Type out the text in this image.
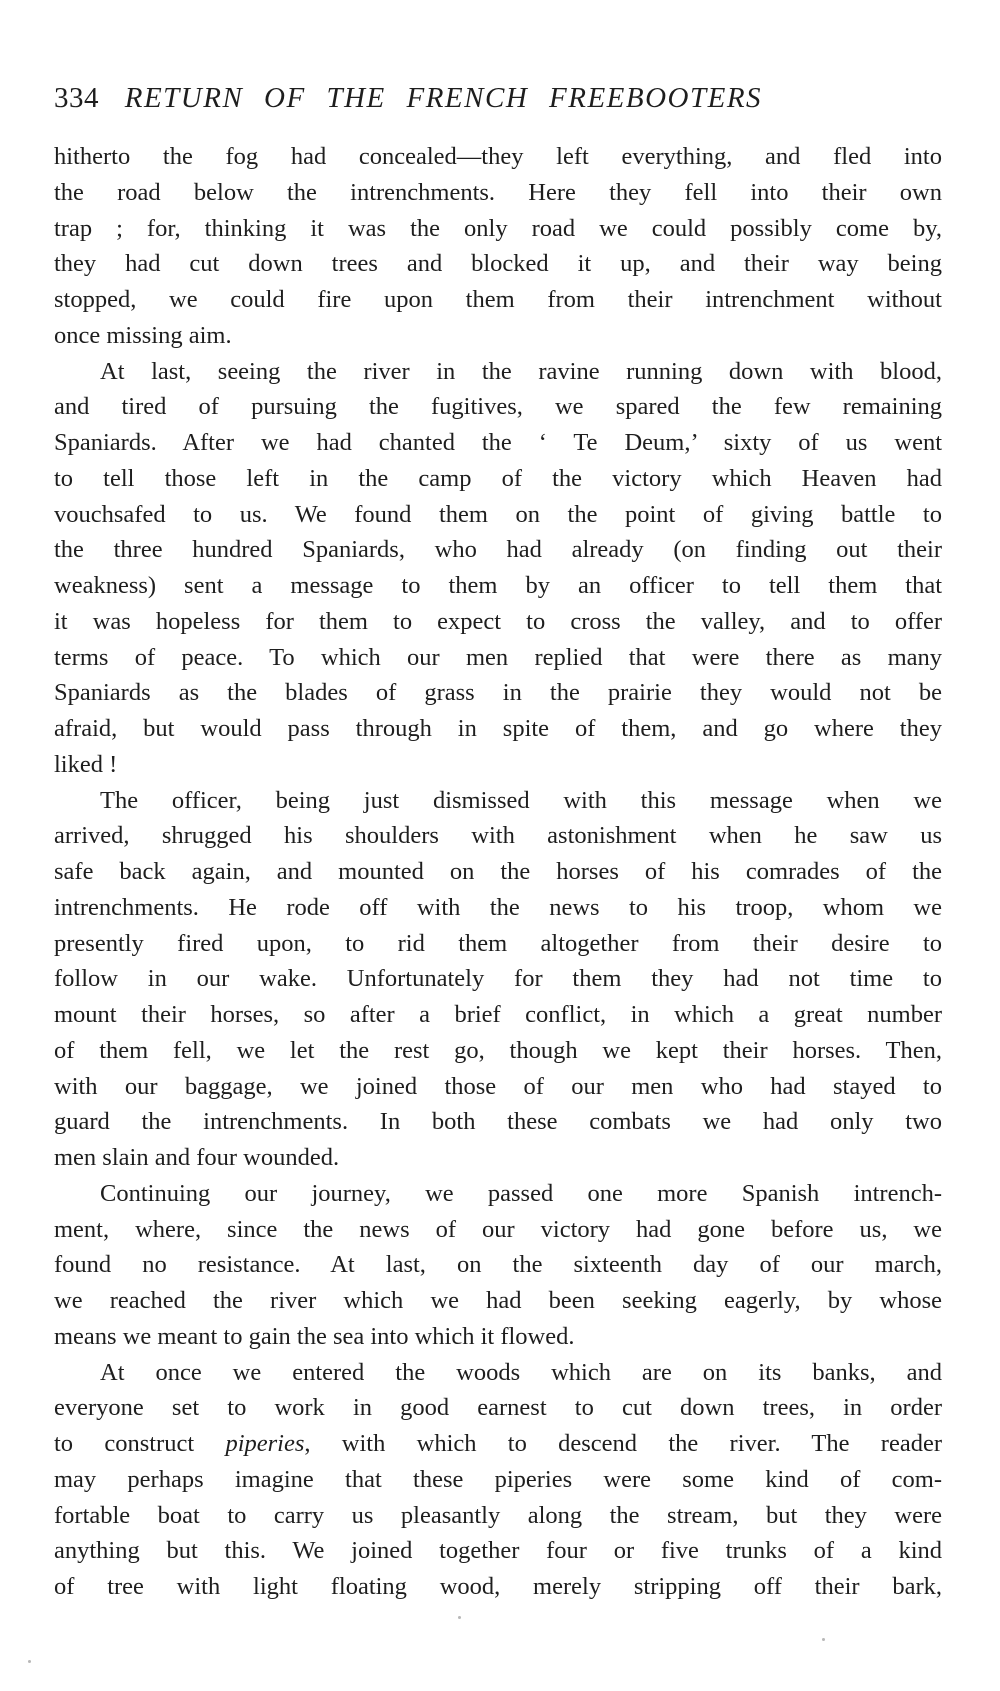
334 RETURN OF THE FRENCH FREEBOOTERS
hitherto the fog had concealed—they left everything, and fled into
the road below the intrenchments. Here they fell into their own
trap ; for, thinking it was the only road we could possibly come by,
they had cut down trees and blocked it up, and their way being
stopped, we could fire upon them from their intrenchment without
once missing aim.
At last, seeing the river in the ravine running down with blood,
and tired of pursuing the fugitives, we spared the few remaining
Spaniards. After we had chanted the ‘ Te Deum,’ sixty of us went
to tell those left in the camp of the victory which Heaven had
vouchsafed to us. We found them on the point of giving battle to
the three hundred Spaniards, who had already (on finding out their
weakness) sent a message to them by an officer to tell them that
it was hopeless for them to expect to cross the valley, and to offer
terms of peace. To which our men replied that were there as many
Spaniards as the blades of grass in the prairie they would not be
afraid, but would pass through in spite of them, and go where they
liked !
The officer, being just dismissed with this message when we
arrived, shrugged his shoulders with astonishment when he saw us
safe back again, and mounted on the horses of his comrades of the
intrenchments. He rode off with the news to his troop, whom we
presently fired upon, to rid them altogether from their desire to
follow in our wake. Unfortunately for them they had not time to
mount their horses, so after a brief conflict, in which a great number
of them fell, we let the rest go, though we kept their horses. Then,
with our baggage, we joined those of our men who had stayed to
guard the intrenchments. In both these combats we had only two
men slain and four wounded.
Continuing our journey, we passed one more Spanish intrench-
ment, where, since the news of our victory had gone before us, we
found no resistance. At last, on the sixteenth day of our march,
we reached the river which we had been seeking eagerly, by whose
means we meant to gain the sea into which it flowed.
At once we entered the woods which are on its banks, and
everyone set to work in good earnest to cut down trees, in order
to construct piperies, with which to descend the river. The reader
may perhaps imagine that these piperies were some kind of com-
fortable boat to carry us pleasantly along the stream, but they were
anything but this. We joined together four or five trunks of a kind
of tree with light floating wood, merely stripping off their bark,
